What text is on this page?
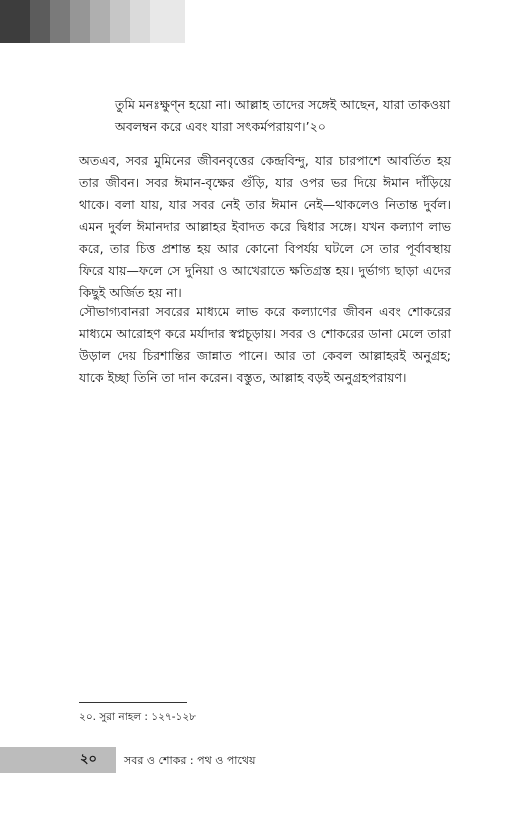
তুমি মনঃক্ষুণ্ন হয়ো না। আল্লাহ তাদের সঙ্গেই আছেন, যারা তাকওয়া অবলম্বন করে এবং যারা সৎকর্মপরায়ণ।’২০
অতএব, সবর মুমিনের জীবনবৃত্তের কেন্দ্রবিন্দু, যার চারপাশে আবর্তিত হয় তার জীবন। সবর ঈমান-বৃক্ষের গুঁড়ি, যার ওপর ভর দিয়ে ঈমান দাঁড়িয়ে থাকে। বলা যায়, যার সবর নেই তার ঈমান নেই—থাকলেও নিতান্ত দুর্বল। এমন দুর্বল ঈমানদার আল্লাহর ইবাদত করে দ্বিধার সঙ্গে। যখন কল্যাণ লাভ করে, তার চিত্ত প্রশান্ত হয় আর কোনো বিপর্যয় ঘটলে সে তার পূর্বাবস্থায় ফিরে যায়—ফলে সে দুনিয়া ও আখেরাতে ক্ষতিগ্রস্ত হয়। দুর্ভাগ্য ছাড়া এদের কিছুই অর্জিত হয় না।
সৌভাগ্যবানরা সবরের মাধ্যমে লাভ করে কল্যাণের জীবন এবং শোকরের মাধ্যমে আরোহণ করে মর্যাদার স্বপ্নচূড়ায়। সবর ও শোকরের ডানা মেলে তারা উড়াল দেয় চিরশান্তির জান্নাত পানে। আর তা কেবল আল্লাহরই অনুগ্রহ; যাকে ইচ্ছা তিনি তা দান করেন। বস্তুত, আল্লাহ বড়ই অনুগ্রহপরায়ণ।
২০. সুরা নাহল : ১২৭-১২৮
২০ সবর ও শোকর : পথ ও পাথেয়
